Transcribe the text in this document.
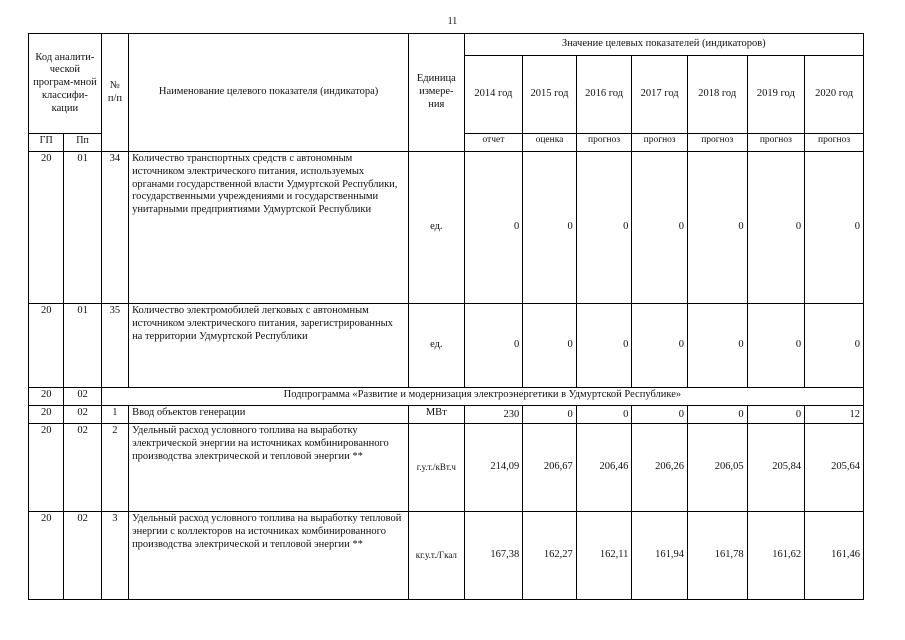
11
Код аналити-ческой програм-мной классифи-кации		№ п/п	Наименование целевого показателя (индикатора)	Единица измере-ния	Значение целевых показателей (индикаторов)						
					2014 год	2015 год	2016 год	2017 год	2018 год	2019 год	2020 год
ГП	Пп				отчет	оценка	прогноз	прогноз	прогноз	прогноз	прогноз
20	01	34	Количество транспортных средств с автономным источником электрического питания, используемых органами государственной власти Удмуртской Республики, государственными учреждениями и государственными унитарными предприятиями Удмуртской Республики	ед.	0	0	0	0	0	0	0
20	01	35	Количество электромобилей легковых с автономным источником электрического питания, зарегистрированных на территории Удмуртской Республики	ед.	0	0	0	0	0	0	0
20	02	Подпрограмма «Развитие и модернизация электроэнергетики в Удмуртской Республике»									
20	02	1	Ввод объектов генерации	МВт	230	0	0	0	0	0	12
20	02	2	Удельный расход условного топлива на выработку электрической энергии на источниках комбинированного производства электрической и тепловой энергии **	г.у.т./кВт.ч	214,09	206,67	206,46	206,26	206,05	205,84	205,64
20	02	3	Удельный расход условного топлива на выработку тепловой энергии с коллекторов на источниках комбинированного производства электрической и тепловой энергии **	кг.у.т./Гкал	167,38	162,27	162,11	161,94	161,78	161,62	161,46
